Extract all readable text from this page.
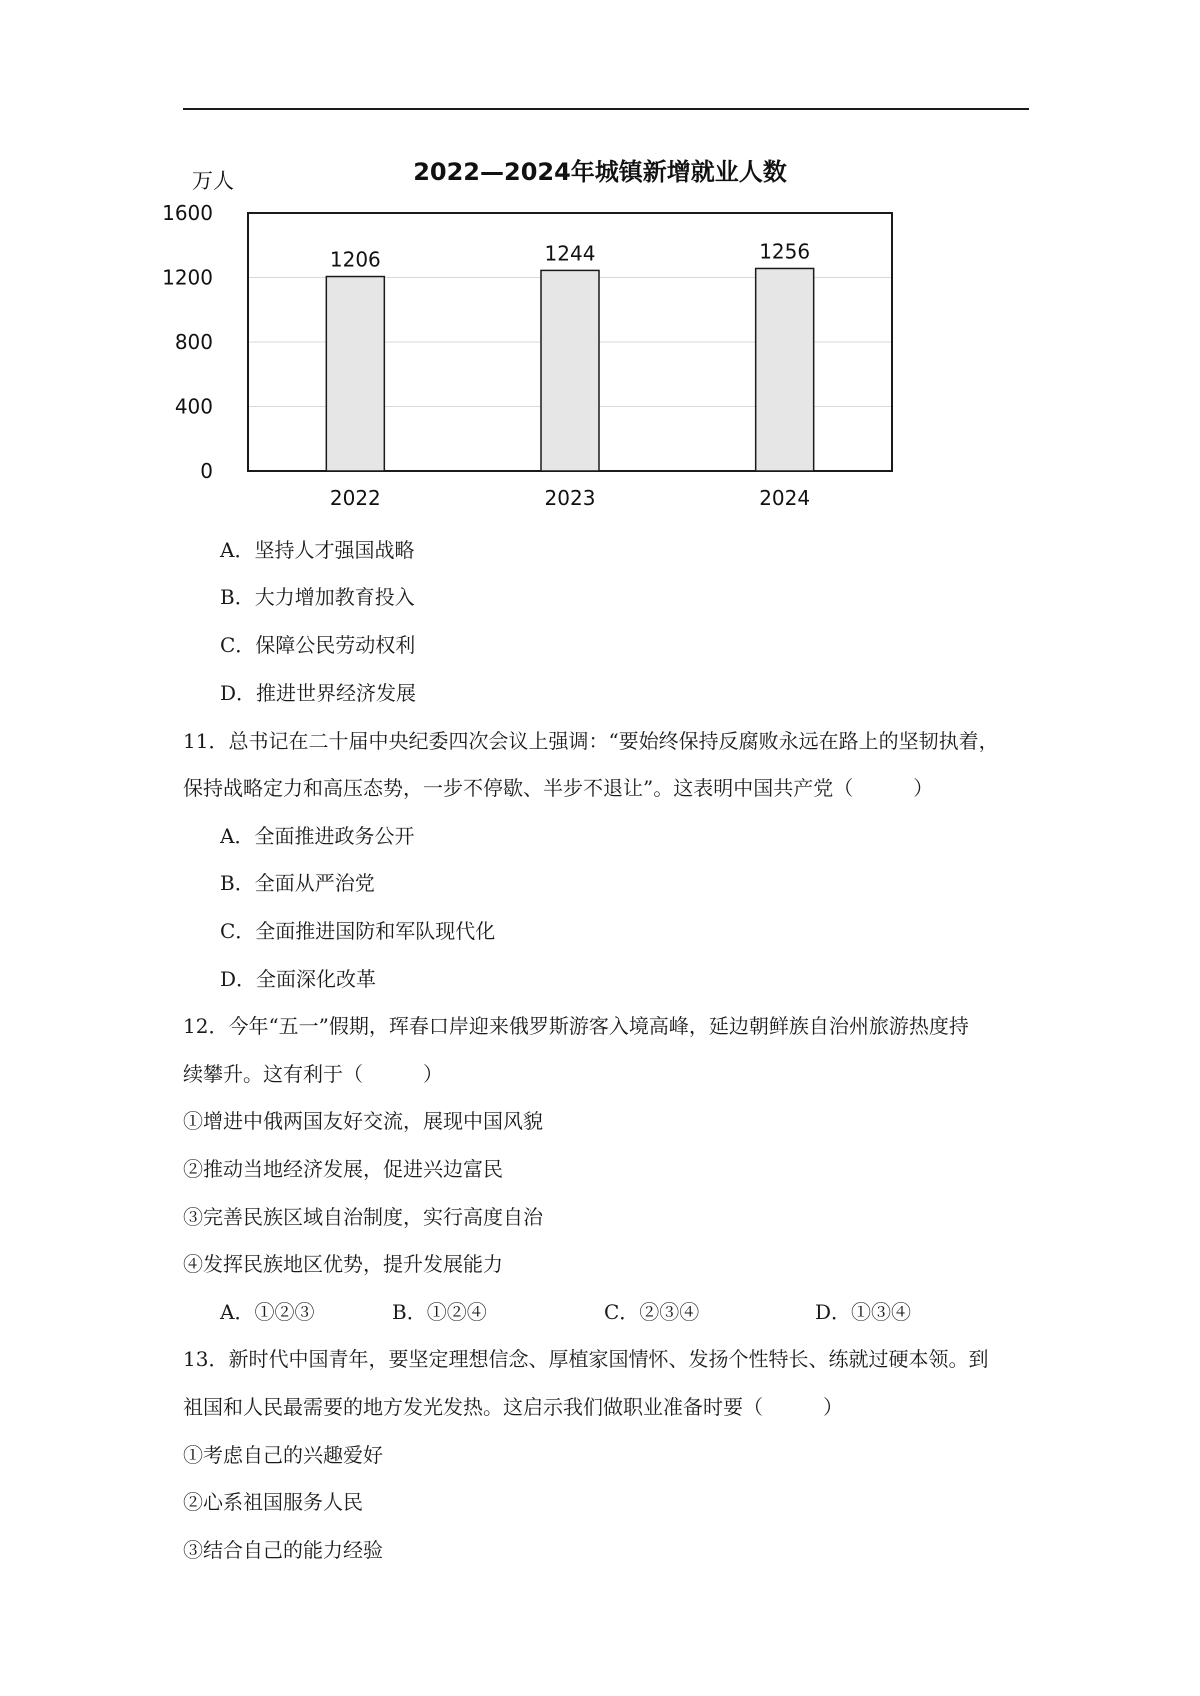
2022—2024年城镇新增就业人数
万人
0
400
800
1200
1600
1206	1244	1256
2022	2023	2024
A．坚持人才强国战略
B．大力增加教育投入
C．保障公民劳动权利
D．推进世界经济发展
11．总书记在二十届中央纪委四次会议上强调：“要始终保持反腐败永远在路上的坚韧执着，
保持战略定力和高压态势，一步不停歇、半步不退让”。这表明中国共产党（　　　）
A．全面推进政务公开
B．全面从严治党
C．全面推进国防和军队现代化
D．全面深化改革
12．今年“五一”假期，珲春口岸迎来俄罗斯游客入境高峰，延边朝鲜族自治州旅游热度持
续攀升。这有利于（　　　）
①增进中俄两国友好交流，展现中国风貌
②推动当地经济发展，促进兴边富民
③完善民族区域自治制度，实行高度自治
④发挥民族地区优势，提升发展能力
A．①②③	B．①②④	C．②③④	D．①③④
13．新时代中国青年，要坚定理想信念、厚植家国情怀、发扬个性特长、练就过硬本领。到
祖国和人民最需要的地方发光发热。这启示我们做职业准备时要（　　　）
①考虑自己的兴趣爱好
②心系祖国服务人民
③结合自己的能力经验
